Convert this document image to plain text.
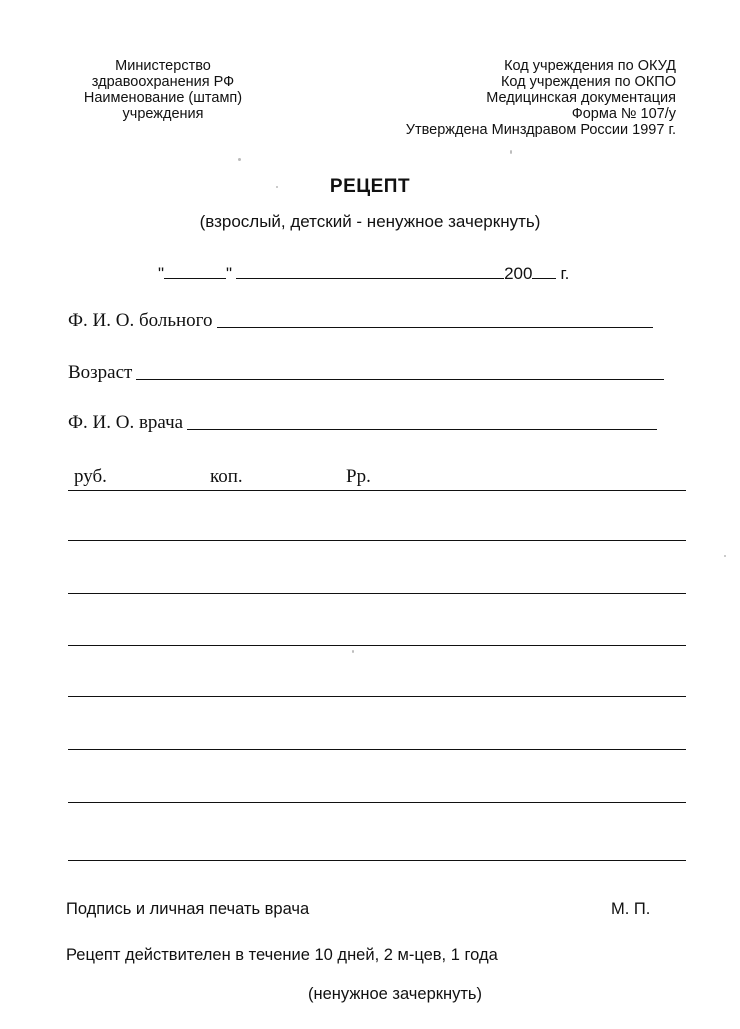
Министерство
здравоохранения РФ
Наименование (штамп)
учреждения
Код учреждения по ОКУД
Код учреждения по ОКПО
Медицинская документация
Форма № 107/у
Утверждена Минздравом России 1997 г.
РЕЦЕПТ
(взрослый, детский - ненужное зачеркнуть)
"	"	200 г.
Ф. И. О. больного
Возраст
Ф. И. О. врача
руб.	коп.	Рр.
Подпись и личная печать врача	М. П.
Рецепт действителен в течение 10 дней, 2 м-цев, 1 года
(ненужное зачеркнуть)
